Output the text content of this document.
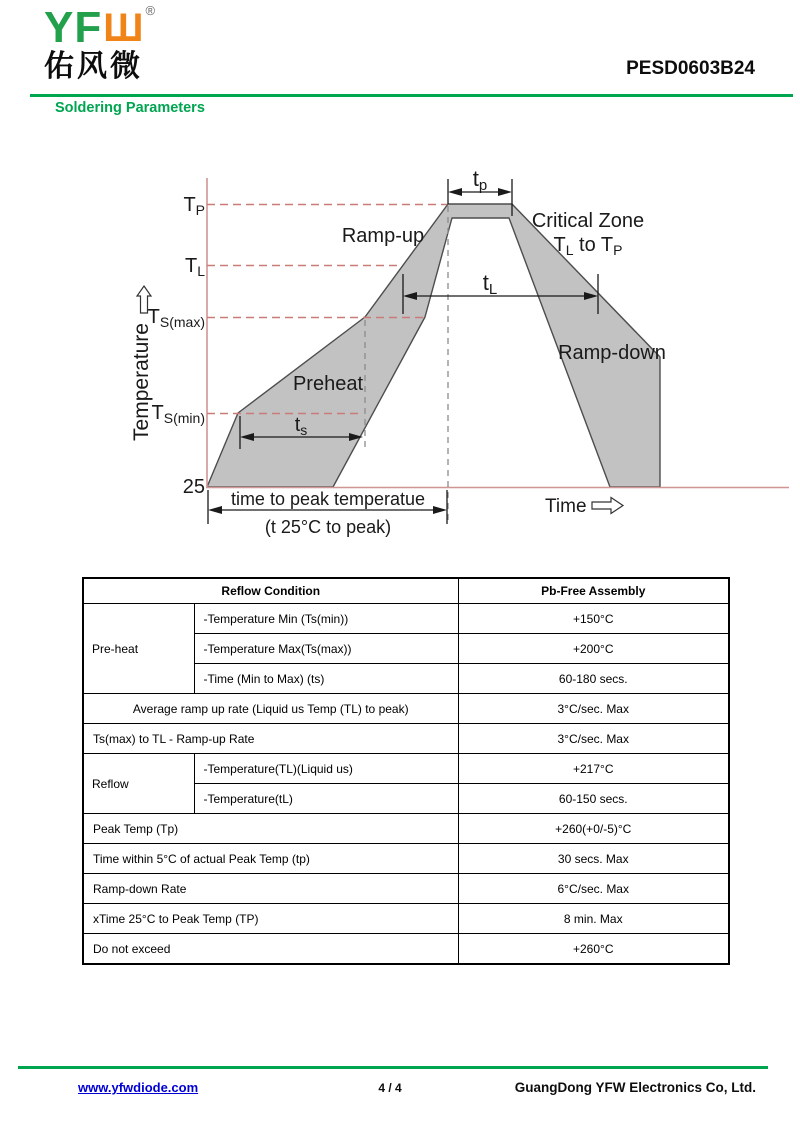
YF Ш ®
佑风微	PESD0603B24
Soldering Parameters
$T_P$
$T_L$
$T_{S(max)}$
$T_{S(min)}$
25
Temperature
Ramp-up
Critical Zone
$T_L$ to $T_P$
Ramp-down
Preheat
tp
tL
$t_s$
time to peak temperatue
(t 25°C to peak)
Time
Reflow Condition		Pb-Free Assembly
Pre-heat	-Temperature Min (Ts(min))	+150°C
	-Temperature Max(Ts(max))	+200°C
	-Time (Min to Max) (ts)	60-180 secs.
Average ramp up rate (Liquid us Temp (TL) to peak)		3°C/sec. Max
Ts(max) to TL - Ramp-up Rate		3°C/sec. Max
Reflow	-Temperature(TL)(Liquid us)	+217°C
	-Temperature(tL)	60-150 secs.
Peak Temp (Tp)		+260(+0/-5)°C
Time within 5°C of actual Peak Temp (tp)		30 secs. Max
Ramp-down Rate		6°C/sec. Max
xTime 25°C to Peak Temp (TP)		8 min. Max
Do not exceed		+260°C
www.yfwdiode.com	4 / 4	GuangDong YFW Electronics Co, Ltd.
